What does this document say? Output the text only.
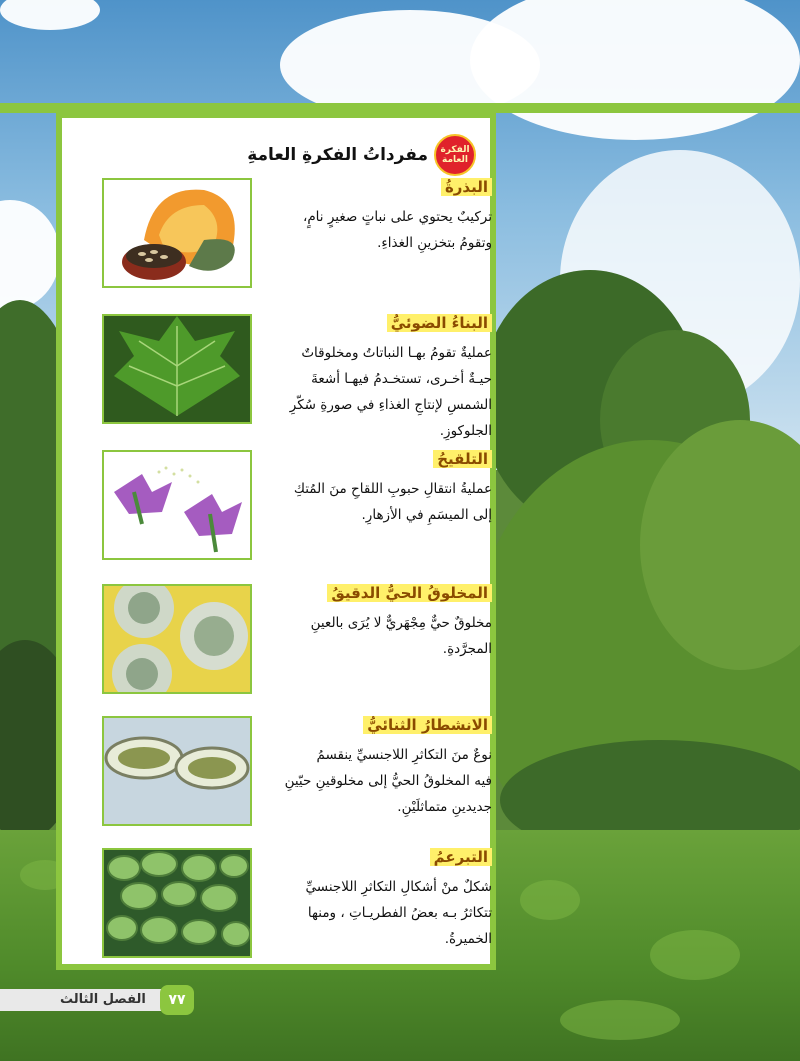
الفكرة
العامة
مفرداتُ الفكرةِ العامةِ
البذرةُ
تركيبٌ يحتوي على نباتٍ صغيرٍ نامٍ،
وتقومُ بتخزينِ الغذاءِ.
البناءُ الضوئيُّ
عمليةٌ تقومُ بهـا النباتاتُ ومخلوقاتٌ
حيـةٌ أخـرى، تستخـدمُ فيهـا أشعةَ
الشمسِ لإنتاجِ الغذاءِ في صورةِ سُكّرِ
الجلوكوزِ.
التلقيحُ
عمليةُ انتقالِ حبوبِ اللقاحِ منَ المُتكِ
إلى الميسَمِ في الأزهارِ.
المخلوقُ الحيُّ الدقيقُ
مخلوقٌ حيٌّ مِجْهَريٌّ لا يُرَى بالعينِ
المجرَّدةِ.
الانشطارُ الثنائيُّ
نوعٌ منَ التكاثرِ اللاجنسيِّ ينقسمُ
فيه المخلوقُ الحيُّ إلى مخلوقينِ حيّينِ
جديدينِ متماثلَيْنِ.
التبرعمُ
شكلٌ منْ أشكالِ التكاثرِ اللاجنسيِّ
تتكاثرُ بـه بعضُ الفطريـاتِ ، ومنها
الخميرةُ.
الفصل الثالث	٧٧
